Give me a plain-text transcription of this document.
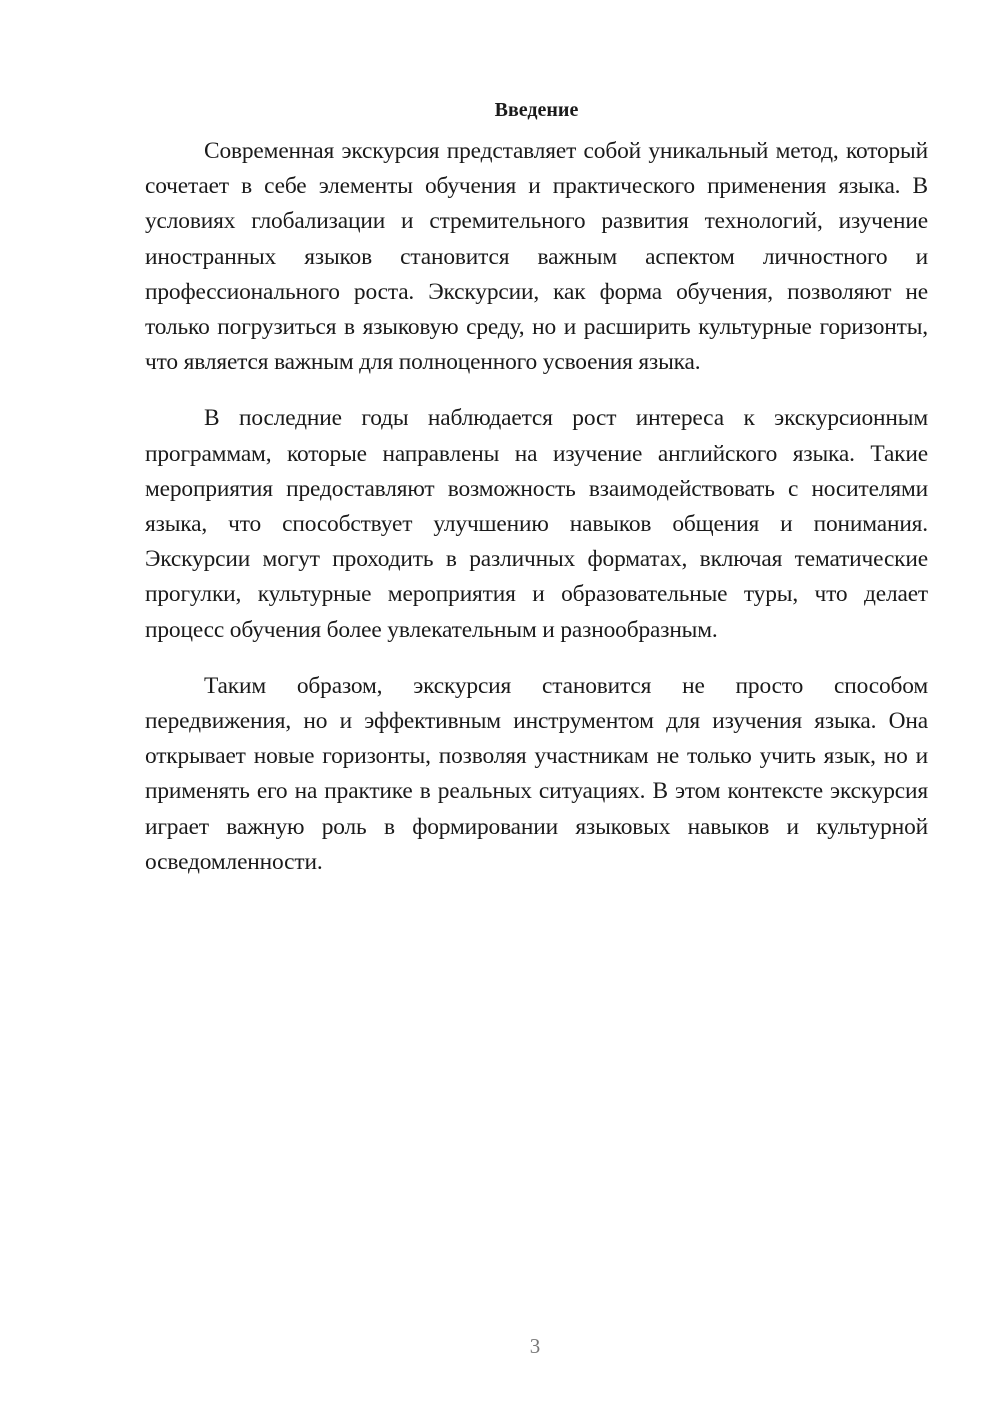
Введение

Современная экскурсия представляет собой уникальный метод, который сочетает в себе элементы обучения и практического применения языка. В условиях глобализации и стремительного развития технологий, изучение иностранных языков становится важным аспектом личностного и профессионального роста. Экскурсии, как форма обучения, позволяют не только погрузиться в языковую среду, но и расширить культурные горизонты, что является важным для полноценного усвоения языка.

В последние годы наблюдается рост интереса к экскурсионным программам, которые направлены на изучение английского языка. Такие мероприятия предоставляют возможность взаимодействовать с носителями языка, что способствует улучшению навыков общения и понимания. Экскурсии могут проходить в различных форматах, включая тематические прогулки, культурные мероприятия и образовательные туры, что делает процесс обучения более увлекательным и разнообразным.

Таким образом, экскурсия становится не просто способом передвижения, но и эффективным инструментом для изучения языка. Она открывает новые горизонты, позволяя участникам не только учить язык, но и применять его на практике в реальных ситуациях. В этом контексте экскурсия играет важную роль в формировании языковых навыков и культурной осведомленности.

3
